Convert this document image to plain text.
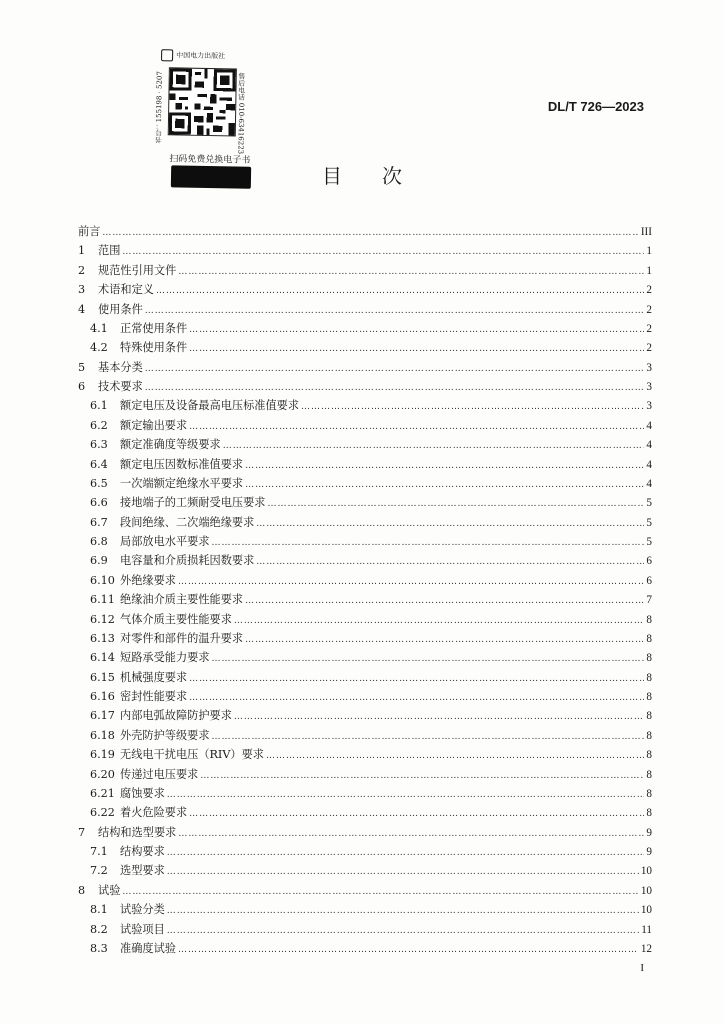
中国电力出版社
售后电话 010-63416223
书号：155198 · 5207
扫码免费兑换电子书
DL/T 726—2023
目次
前言 …………………………………………………………………………………………………………………………………………………………………………	III
1	范围 …………………………………………………………………………………………………………………………………………………………………………	1
2	规范性引用文件 …………………………………………………………………………………………………………………………………………………………………………	1
3	术语和定义 …………………………………………………………………………………………………………………………………………………………………………	2
4	使用条件 …………………………………………………………………………………………………………………………………………………………………………	2
4.1	正常使用条件 …………………………………………………………………………………………………………………………………………………………………………	2
4.2	特殊使用条件 …………………………………………………………………………………………………………………………………………………………………………	2
5	基本分类 …………………………………………………………………………………………………………………………………………………………………………	3
6	技术要求 …………………………………………………………………………………………………………………………………………………………………………	3
6.1	额定电压及设备最高电压标准值要求 …………………………………………………………………………………………………………………………………………………………………………	3
6.2	额定输出要求 …………………………………………………………………………………………………………………………………………………………………………	4
6.3	额定准确度等级要求 …………………………………………………………………………………………………………………………………………………………………………	4
6.4	额定电压因数标准值要求 …………………………………………………………………………………………………………………………………………………………………………	4
6.5	一次端额定绝缘水平要求 …………………………………………………………………………………………………………………………………………………………………………	4
6.6	接地端子的工频耐受电压要求 …………………………………………………………………………………………………………………………………………………………………………	5
6.7	段间绝缘、二次端绝缘要求 …………………………………………………………………………………………………………………………………………………………………………	5
6.8	局部放电水平要求 …………………………………………………………………………………………………………………………………………………………………………	5
6.9	电容量和介质损耗因数要求 …………………………………………………………………………………………………………………………………………………………………………	6
6.10 外绝缘要求 …………………………………………………………………………………………………………………………………………………………………………	6
6.11 绝缘油介质主要性能要求 …………………………………………………………………………………………………………………………………………………………………………	7
6.12 气体介质主要性能要求 …………………………………………………………………………………………………………………………………………………………………………	8
6.13 对零件和部件的温升要求 …………………………………………………………………………………………………………………………………………………………………………	8
6.14 短路承受能力要求 …………………………………………………………………………………………………………………………………………………………………………	8
6.15 机械强度要求 …………………………………………………………………………………………………………………………………………………………………………	8
6.16 密封性能要求 …………………………………………………………………………………………………………………………………………………………………………	8
6.17 内部电弧故障防护要求 …………………………………………………………………………………………………………………………………………………………………………	8
6.18 外壳防护等级要求 …………………………………………………………………………………………………………………………………………………………………………	8
6.19 无线电干扰电压（RIV）要求 …………………………………………………………………………………………………………………………………………………………………………	8
6.20 传递过电压要求 …………………………………………………………………………………………………………………………………………………………………………	8
6.21 腐蚀要求 …………………………………………………………………………………………………………………………………………………………………………	8
6.22 着火危险要求 …………………………………………………………………………………………………………………………………………………………………………	8
7	结构和选型要求 …………………………………………………………………………………………………………………………………………………………………………	9
7.1	结构要求 …………………………………………………………………………………………………………………………………………………………………………	9
7.2	选型要求 …………………………………………………………………………………………………………………………………………………………………………	10
8	试验 …………………………………………………………………………………………………………………………………………………………………………	10
8.1	试验分类 …………………………………………………………………………………………………………………………………………………………………………	10
8.2	试验项目 …………………………………………………………………………………………………………………………………………………………………………	11
8.3	准确度试验 …………………………………………………………………………………………………………………………………………………………………………	12
I
